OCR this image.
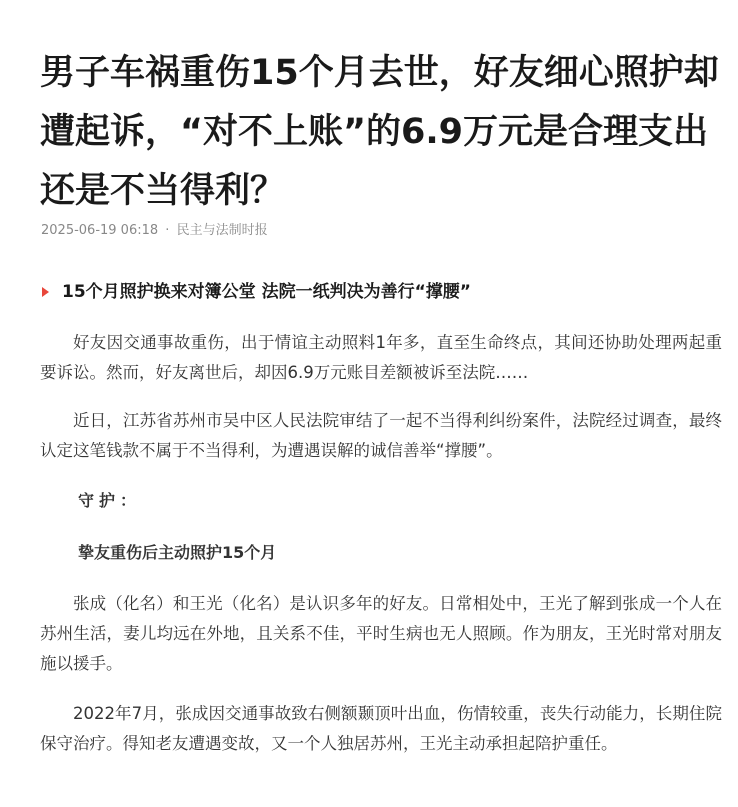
男子车祸重伤15个月去世，好友细心照护却遭起诉，“对不上账”的6.9万元是合理支出还是不当得利？
2025-06-19 06:18 · 民主与法制时报
15个月照护换来对簿公堂 法院一纸判决为善行“撑腰”

好友因交通事故重伤，出于情谊主动照料1年多，直至生命终点，其间还协助处理两起重要诉讼。然而，好友离世后，却因6.9万元账目差额被诉至法院……

近日，江苏省苏州市吴中区人民法院审结了一起不当得利纠纷案件，法院经过调查，最终认定这笔钱款不属于不当得利，为遭遇误解的诚信善举“撑腰”。

守护：

挚友重伤后主动照护15个月

张成（化名）和王光（化名）是认识多年的好友。日常相处中，王光了解到张成一个人在苏州生活，妻儿均远在外地，且关系不佳，平时生病也无人照顾。作为朋友，王光时常对朋友施以援手。

2022年7月，张成因交通事故致右侧额颞顶叶出血，伤情较重，丧失行动能力，长期住院保守治疗。得知老友遭遇变故，又一个人独居苏州，王光主动承担起陪护重任。
